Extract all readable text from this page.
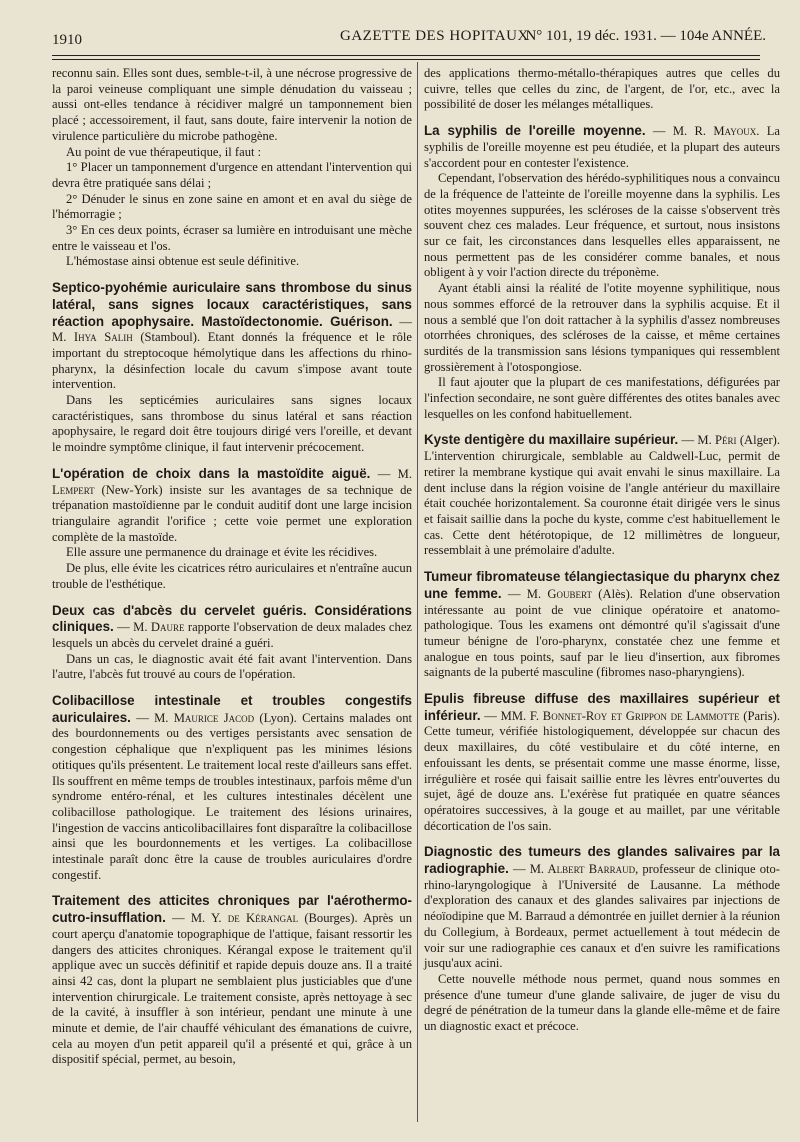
1910	GAZETTE DES HOPITAUX
N° 101, 19 déc. 1931. — 104e ANNÉE.

reconnu sain. Elles sont dues, semble-t-il, à une nécrose progressive de la paroi veineuse compliquant une simple dénudation du vaisseau ; aussi ont-elles tendance à récidiver malgré un tamponnement bien placé ; accessoirement, il faut, sans doute, faire intervenir la notion de virulence particulière du microbe pathogène.

Au point de vue thérapeutique, il faut :

1° Placer un tamponnement d'urgence en attendant l'intervention qui devra être pratiquée sans délai ;

2° Dénuder le sinus en zone saine en amont et en aval du siège de l'hémorragie ;

3° En ces deux points, écraser sa lumière en introduisant une mèche entre le vaisseau et l'os.

L'hémostase ainsi obtenue est seule définitive.

Septico-pyohémie auriculaire sans thrombose du sinus latéral, sans signes locaux caractéristiques, sans réaction apophysaire. Mastoïdectonomie. Guérison. — M. Ihya Salih (Stamboul). Etant donnés la fréquence et le rôle important du streptocoque hémolytique dans les affections du rhino-pharynx, la désinfection locale du cavum s'impose avant toute intervention.

Dans les septicémies auriculaires sans signes locaux caractéristiques, sans thrombose du sinus latéral et sans réaction apophysaire, le regard doit être toujours dirigé vers l'oreille, et devant le moindre symptôme clinique, il faut intervenir précocement.

L'opération de choix dans la mastoïdite aiguë. — M. Lempert (New-York) insiste sur les avantages de sa technique de trépanation mastoïdienne par le conduit auditif dont une large incision triangulaire agrandit l'orifice ; cette voie permet une exploration complète de la mastoïde.

Elle assure une permanence du drainage et évite les récidives.

De plus, elle évite les cicatrices rétro auriculaires et n'entraîne aucun trouble de l'esthétique.

Deux cas d'abcès du cervelet guéris. Considérations cliniques. — M. Daure rapporte l'observation de deux malades chez lesquels un abcès du cervelet drainé a guéri.

Dans un cas, le diagnostic avait été fait avant l'intervention. Dans l'autre, l'abcès fut trouvé au cours de l'opération.

Colibacillose intestinale et troubles congestifs auriculaires. — M. Maurice Jacod (Lyon). Certains malades ont des bourdonnements ou des vertiges persistants avec sensation de congestion céphalique que n'expliquent pas les minimes lésions otitiques qu'ils présentent. Le traitement local reste d'ailleurs sans effet. Ils souffrent en même temps de troubles intestinaux, parfois même d'un syndrome entéro-rénal, et les cultures intestinales décèlent une colibacillose pathologique. Le traitement des lésions urinaires, l'ingestion de vaccins anticolibacillaires font disparaître la colibacillose ainsi que les bourdonnements et les vertiges. La colibacillose intestinale paraît donc être la cause de troubles auriculaires d'ordre congestif.

Traitement des atticites chroniques par l'aérothermo-cutro-insufflation. — M. Y. de Kérangal (Bourges). Après un court aperçu d'anatomie topographique de l'attique, faisant ressortir les dangers des atticites chroniques. Kérangal expose le traitement qu'il applique avec un succès définitif et rapide depuis douze ans. Il a traité ainsi 42 cas, dont la plupart ne semblaient plus justiciables que d'une intervention chirurgicale. Le traitement consiste, après nettoyage à sec de la cavité, à insuffler à son intérieur, pendant une minute à une minute et demie, de l'air chauffé véhiculant des émanations de cuivre, cela au moyen d'un petit appareil qu'il a présenté et qui, grâce à un dispositif spécial, permet, au besoin,

des applications thermo-métallo-thérapiques autres que celles du cuivre, telles que celles du zinc, de l'argent, de l'or, etc., avec la possibilité de doser les mélanges métalliques.

La syphilis de l'oreille moyenne. — M. R. Mayoux. La syphilis de l'oreille moyenne est peu étudiée, et la plupart des auteurs s'accordent pour en contester l'existence.

Cependant, l'observation des hérédo-syphilitiques nous a convaincu de la fréquence de l'atteinte de l'oreille moyenne dans la syphilis. Les otites moyennes suppurées, les scléroses de la caisse s'observent très souvent chez ces malades. Leur fréquence, et surtout, nous insistons sur ce fait, les circonstances dans lesquelles elles apparaissent, ne nous permettent pas de les considérer comme banales, et nous obligent à y voir l'action directe du tréponème.

Ayant établi ainsi la réalité de l'otite moyenne syphilitique, nous nous sommes efforcé de la retrouver dans la syphilis acquise. Et il nous a semblé que l'on doit rattacher à la syphilis d'assez nombreuses otorrhées chroniques, des scléroses de la caisse, et même certaines surdités de la transmission sans lésions tympaniques qui ressemblent grossièrement à l'otospongiose.

Il faut ajouter que la plupart de ces manifestations, défigurées par l'infection secondaire, ne sont guère différentes des otites banales avec lesquelles on les confond habituellement.

Kyste dentigère du maxillaire supérieur. — M. Péri (Alger). L'intervention chirurgicale, semblable au Caldwell-Luc, permit de retirer la membrane kystique qui avait envahi le sinus maxillaire. La dent incluse dans la région voisine de l'angle antérieur du maxillaire était couchée horizontalement. Sa couronne était dirigée vers le sinus et faisait saillie dans la poche du kyste, comme c'est habituellement le cas. Cette dent hétérotopique, de 12 millimètres de longueur, ressemblait à une prémolaire d'adulte.

Tumeur fibromateuse télangiectasique du pharynx chez une femme. — M. Goubert (Alès). Relation d'une observation intéressante au point de vue clinique opératoire et anatomo-pathologique. Tous les examens ont démontré qu'il s'agissait d'une tumeur bénigne de l'oro-pharynx, constatée chez une femme et analogue en tous points, sauf par le lieu d'insertion, aux fibromes saignants de la puberté masculine (fibromes naso-pharyngiens).

Epulis fibreuse diffuse des maxillaires supérieur et inférieur. — MM. F. Bonnet-Roy et Grippon de Lammotte (Paris). Cette tumeur, vérifiée histologiquement, développée sur chacun des deux maxillaires, du côté vestibulaire et du côté interne, en enfouissant les dents, se présentait comme une masse énorme, lisse, irrégulière et rosée qui faisait saillie entre les lèvres entr'ouvertes du sujet, âgé de douze ans. L'exérèse fut pratiquée en quatre séances opératoires successives, à la gouge et au maillet, par une véritable décortication de l'os sain.

Diagnostic des tumeurs des glandes salivaires par la radiographie. — M. Albert Barraud, professeur de clinique oto-rhino-laryngologique à l'Université de Lausanne. La méthode d'exploration des canaux et des glandes salivaires par injections de néoïodipine que M. Barraud a démontrée en juillet dernier à la réunion du Collegium, à Bordeaux, permet actuellement à tout médecin de voir sur une radiographie ces canaux et d'en suivre les ramifications jusqu'aux acini.

Cette nouvelle méthode nous permet, quand nous sommes en présence d'une tumeur d'une glande salivaire, de juger de visu du degré de pénétration de la tumeur dans la glande elle-même et de faire un diagnostic exact et précoce.
